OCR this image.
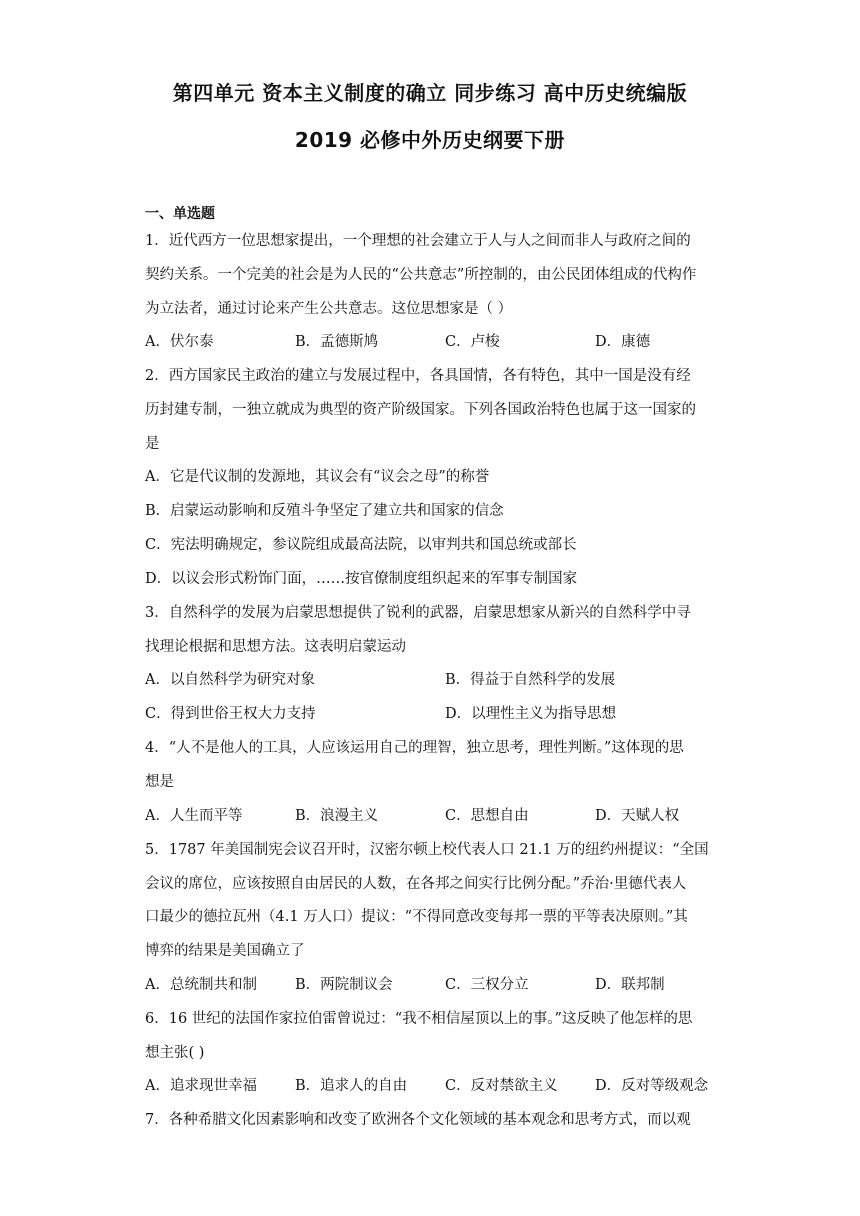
第四单元 资本主义制度的确立 同步练习 高中历史统编版
2019 必修中外历史纲要下册
一、单选题
1．近代西方一位思想家提出，一个理想的社会建立于人与人之间而非人与政府之间的
契约关系。一个完美的社会是为人民的“公共意志”所控制的，由公民团体组成的代构作
为立法者，通过讨论来产生公共意志。这位思想家是（ ）
A．伏尔泰	B．孟德斯鸠	C．卢梭	D．康德
2．西方国家民主政治的建立与发展过程中，各具国情，各有特色，其中一国是没有经
历封建专制，一独立就成为典型的资产阶级国家。下列各国政治特色也属于这一国家的
是
A．它是代议制的发源地，其议会有“议会之母”的称誉
B．启蒙运动影响和反殖斗争坚定了建立共和国家的信念
C．宪法明确规定，参议院组成最高法院，以审判共和国总统或部长
D．以议会形式粉饰门面，……按官僚制度组织起来的军事专制国家
3．自然科学的发展为启蒙思想提供了锐利的武器，启蒙思想家从新兴的自然科学中寻
找理论根据和思想方法。这表明启蒙运动
A．以自然科学为研究对象	B．得益于自然科学的发展
C．得到世俗王权大力支持	D．以理性主义为指导思想
4．“人不是他人的工具，人应该运用自己的理智，独立思考，理性判断。”这体现的思
想是
A．人生而平等	B．浪漫主义	C．思想自由	D．天赋人权
5．1787 年美国制宪会议召开时，汉密尔顿上校代表人口 21.1 万的纽约州提议：“全国
会议的席位，应该按照自由居民的人数，在各邦之间实行比例分配。”乔治·里德代表人
口最少的德拉瓦州（4.1 万人口）提议：“不得同意改变每邦一票的平等表决原则。”其
博弈的结果是美国确立了
A．总统制共和制	B．两院制议会	C．三权分立	D．联邦制
6．16 世纪的法国作家拉伯雷曾说过：“我不相信屋顶以上的事。”这反映了他怎样的思
想主张( )
A．追求现世幸福	B．追求人的自由	C．反对禁欲主义	D．反对等级观念
7．各种希腊文化因素影响和改变了欧洲各个文化领域的基本观念和思考方式，而以观
